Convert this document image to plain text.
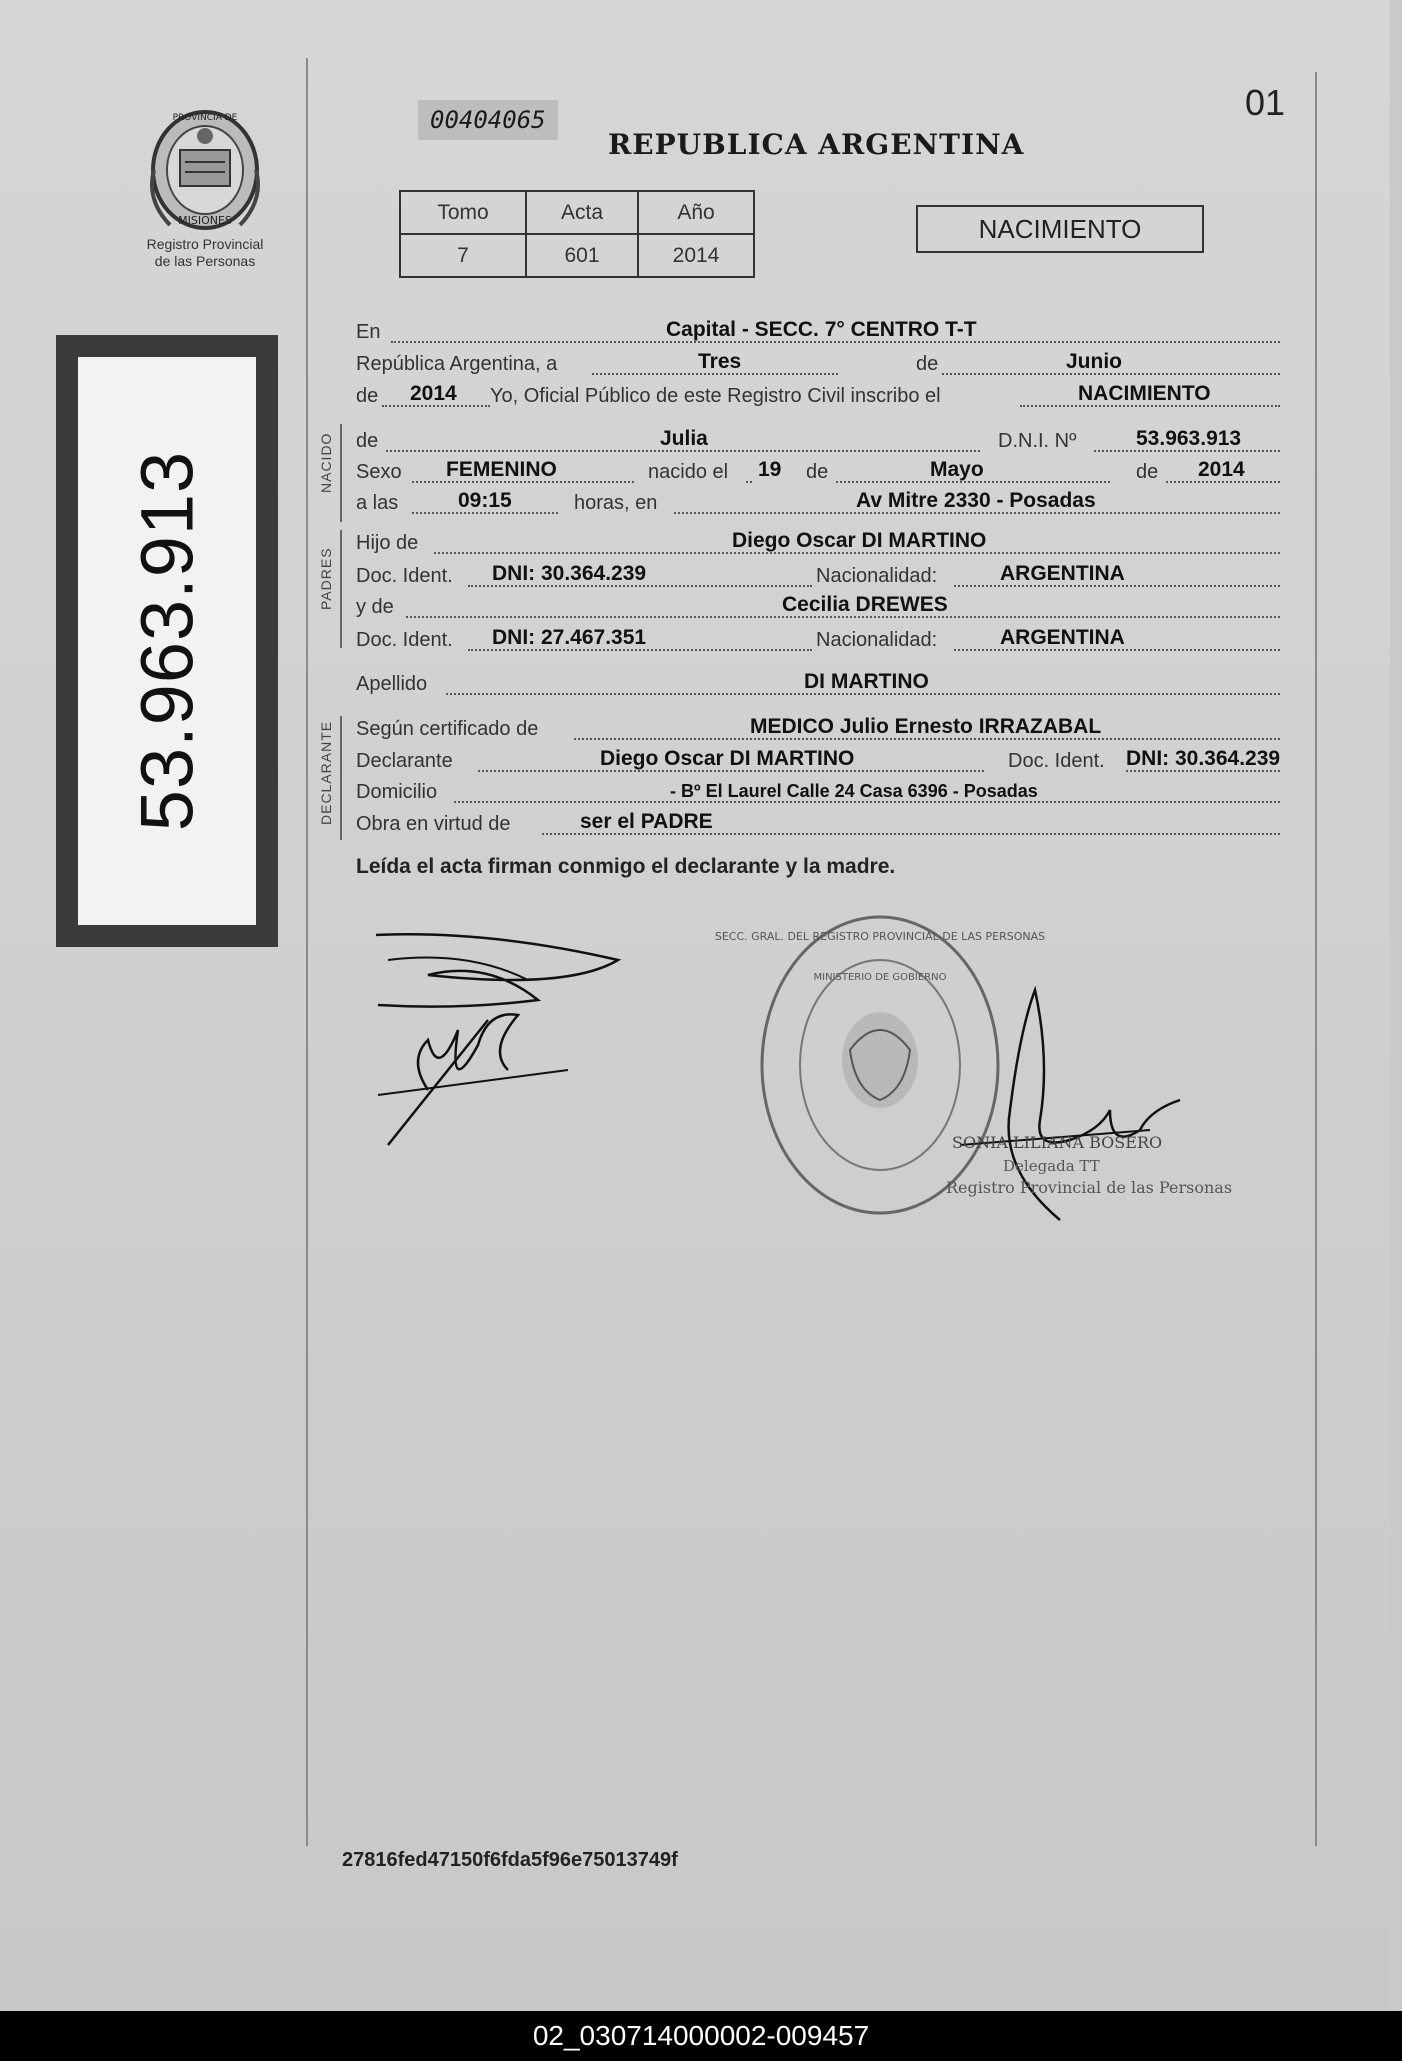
01
PROVINCIA DE
MISIONES
Registro Provincial
de las Personas
53.963.913
00404065
REPUBLICA ARGENTINA
Tomo	Acta	Año
7	601	2014
NACIMIENTO
En	Capital - SECC. 7° CENTRO T-T
República Argentina, a	Tres	de	Junio
de 2014 Yo, Oficial Público de este Registro Civil inscribo el	NACIMIENTO
NACIDO de	Julia	D.N.I. Nº	53.963.913
Sexo FEMENINO	nacido el 19 de	Mayo	de 2014
a las	09:15	horas, en	Av Mitre 2330 - Posadas
PADRES
Hijo de	Diego Oscar DI MARTINO
Doc. Ident. DNI: 30.364.239	Nacionalidad:	ARGENTINA
y de	Cecilia DREWES
Doc. Ident. DNI: 27.467.351	Nacionalidad:	ARGENTINA
Apellido	DI MARTINO
DECLARANTE Según certificado de	MEDICO Julio Ernesto IRRAZABAL
Declarante	Diego Oscar DI MARTINO	Doc. Ident. DNI: 30.364.239
Domicilio	- Bº El Laurel Calle 24 Casa 6396 - Posadas
Obra en virtud de	ser el PADRE
Leída el acta firman conmigo el declarante y la madre.
SECC. GRAL. DEL REGISTRO PROVINCIAL DE LAS PERSONAS
MINISTERIO DE GOBIERNO
SONIA LILIANA BOSERO
Delegada TT
Registro Provincial de las Personas
27816fed47150f6fda5f96e75013749f
02_030714000002-009457
